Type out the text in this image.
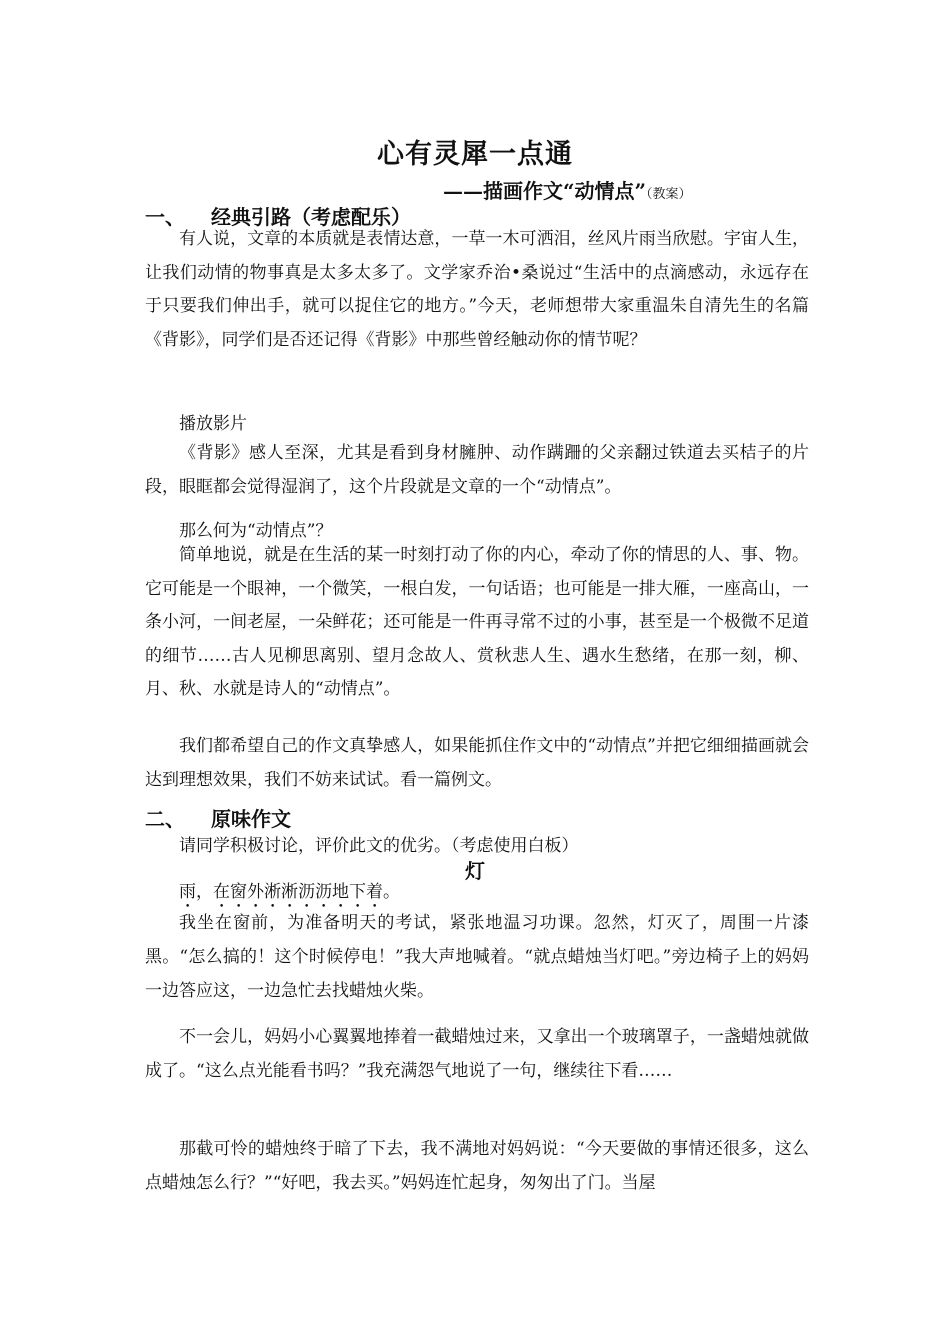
心有灵犀一点通
——描画作文“动情点”（教案）
一、 经典引路（考虑配乐）
有人说，文章的本质就是表情达意，一草一木可洒泪，丝风片雨当欣慰。宇宙人生，让我们动情的物事真是太多太多了。文学家乔治•桑说过“生活中的点滴感动，永远存在于只要我们伸出手，就可以捉住它的地方。”今天，老师想带大家重温朱自清先生的名篇《背影》，同学们是否还记得《背影》中那些曾经触动你的情节呢？
播放影片
《背影》感人至深，尤其是看到身材臃肿、动作蹒跚的父亲翻过铁道去买桔子的片段，眼眶都会觉得湿润了，这个片段就是文章的一个“动情点”。
那么何为“动情点”？
简单地说，就是在生活的某一时刻打动了你的内心，牵动了你的情思的人、事、物。它可能是一个眼神，一个微笑，一根白发，一句话语；也可能是一排大雁，一座高山，一条小河，一间老屋，一朵鲜花；还可能是一件再寻常不过的小事，甚至是一个极微不足道的细节……古人见柳思离别、望月念故人、赏秋悲人生、遇水生愁绪，在那一刻，柳、月、秋、水就是诗人的“动情点”。
我们都希望自己的作文真挚感人，如果能抓住作文中的“动情点”并把它细细描画就会达到理想效果，我们不妨来试试。看一篇例文。
二、 原味作文
请同学积极讨论，评价此文的优劣。（考虑使用白板）
灯
雨，在窗外淅淅沥沥地下着。
我坐在窗前，为准备明天的考试，紧张地温习功课。忽然，灯灭了，周围一片漆黑。“怎么搞的！这个时候停电！”我大声地喊着。“就点蜡烛当灯吧。”旁边椅子上的妈妈一边答应这，一边急忙去找蜡烛火柴。
不一会儿，妈妈小心翼翼地捧着一截蜡烛过来，又拿出一个玻璃罩子，一盏蜡烛就做成了。“这么点光能看书吗？”我充满怨气地说了一句，继续往下看……
那截可怜的蜡烛终于暗了下去，我不满地对妈妈说：“今天要做的事情还很多，这么点蜡烛怎么行？”“好吧，我去买。”妈妈连忙起身，匆匆出了门。当屋
